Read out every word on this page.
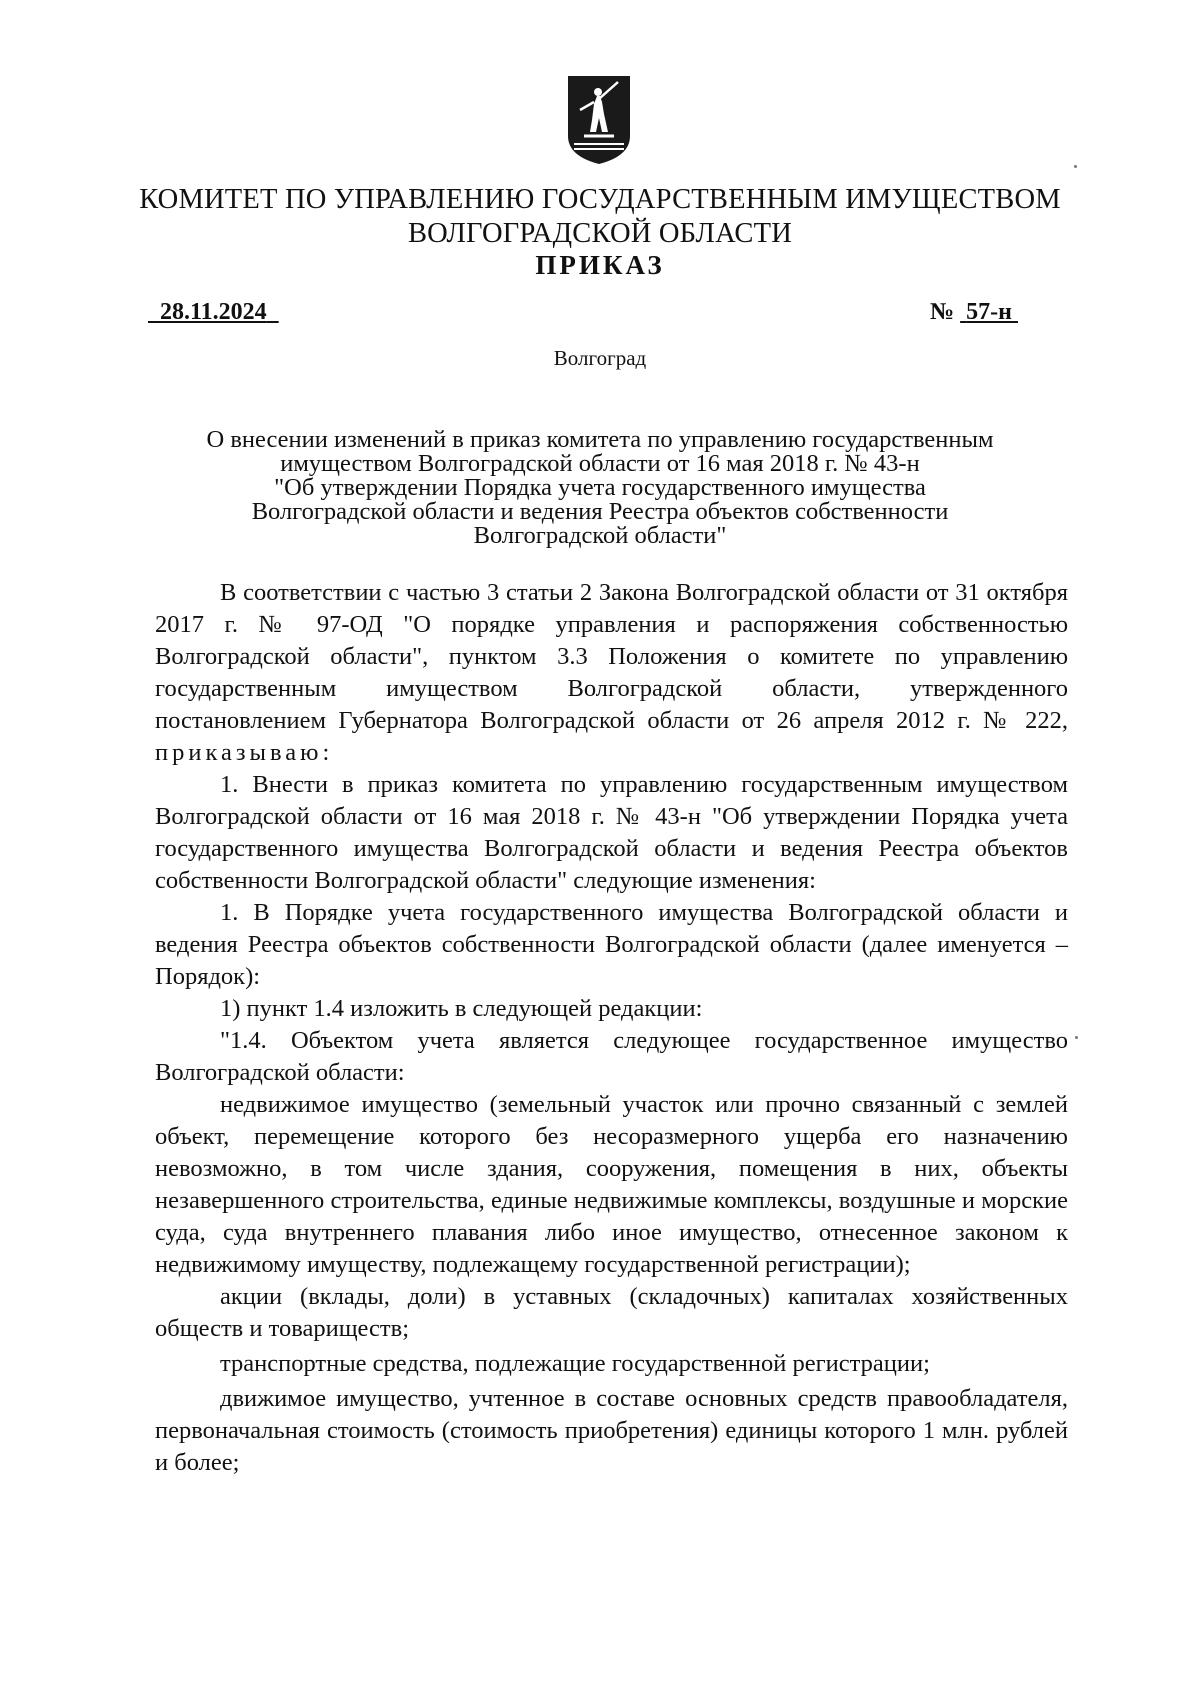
КОМИТЕТ ПО УПРАВЛЕНИЮ ГОСУДАРСТВЕННЫМ ИМУЩЕСТВОМ
ВОЛГОГРАДСКОЙ ОБЛАСТИ
ПРИКАЗ
28.11.2024	№ 57-н
Волгоград
О внесении изменений в приказ комитета по управлению государственным
имуществом Волгоградской области от 16 мая 2018 г. № 43-н
"Об утверждении Порядка учета государственного имущества
Волгоградской области и ведения Реестра объектов собственности
Волгоградской области"

В соответствии с частью 3 статьи 2 Закона Волгоградской области от 31 октября 2017 г. № 97-ОД "О порядке управления и распоряжения собственностью Волгоградской области", пунктом 3.3 Положения о комитете по управлению государственным имуществом Волгоградской области, утвержденного постановлением Губернатора Волгоградской области от 26 апреля 2012 г. № 222, приказываю:

1. Внести в приказ комитета по управлению государственным имуществом Волгоградской области от 16 мая 2018 г. № 43-н "Об утверждении Порядка учета государственного имущества Волгоградской области и ведения Реестра объектов собственности Волгоградской области" следующие изменения:

1. В Порядке учета государственного имущества Волгоградской области и ведения Реестра объектов собственности Волгоградской области (далее именуется – Порядок):

1) пункт 1.4 изложить в следующей редакции:

"1.4. Объектом учета является следующее государственное имущество Волгоградской области:

недвижимое имущество (земельный участок или прочно связанный с землей объект, перемещение которого без несоразмерного ущерба его назначению невозможно, в том числе здания, сооружения, помещения в них, объекты незавершенного строительства, единые недвижимые комплексы, воздушные и морские суда, суда внутреннего плавания либо иное имущество, отнесенное законом к недвижимому имуществу, подлежащему государственной регистрации);

акции (вклады, доли) в уставных (складочных) капиталах хозяйственных обществ и товариществ;

транспортные средства, подлежащие государственной регистрации;

движимое имущество, учтенное в составе основных средств правообладателя, первоначальная стоимость (стоимость приобретения) единицы которого 1 млн. рублей и более;
